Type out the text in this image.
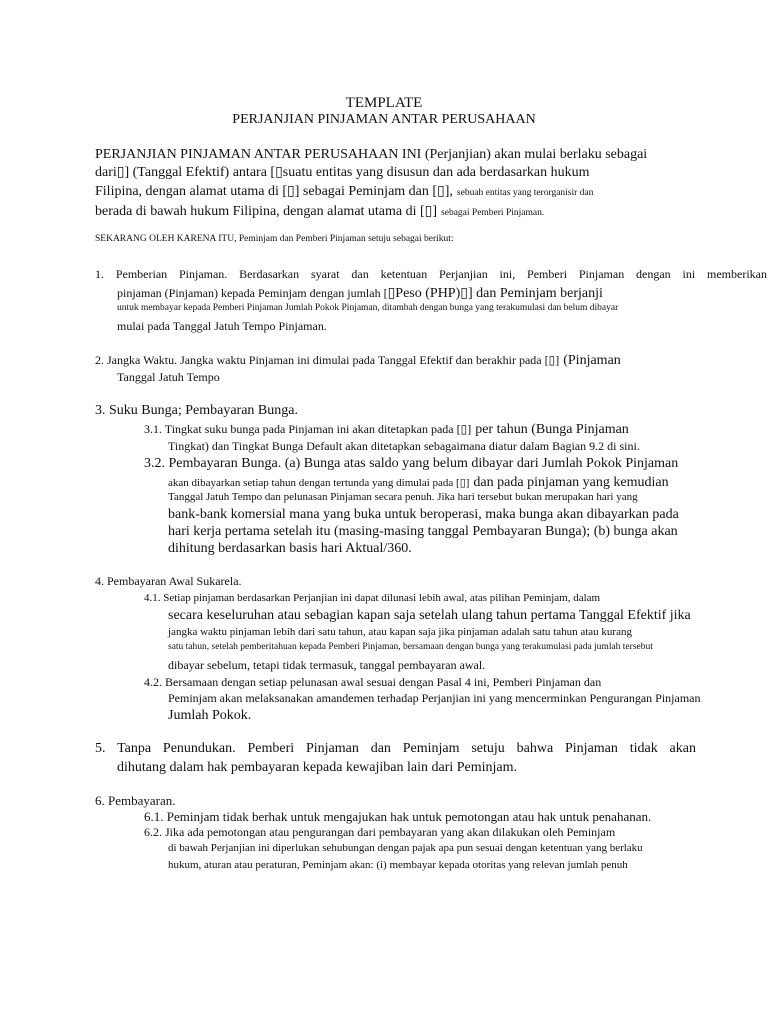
TEMPLATE
PERJANJIAN PINJAMAN ANTAR PERUSAHAAN
PERJANJIAN PINJAMAN ANTAR PERUSAHAAN INI (Perjanjian) akan mulai berlaku sebagai
dari▯] (Tanggal Efektif) antara [▯suatu entitas yang disusun dan ada berdasarkan hukum
Filipina, dengan alamat utama di [▯] sebagai Peminjam dan [▯], sebuah entitas yang terorganisir dan
berada di bawah hukum Filipina, dengan alamat utama di [▯] sebagai Pemberi Pinjaman.
SEKARANG OLEH KARENA ITU, Peminjam dan Pemberi Pinjaman setuju sebagai berikut:
1. Pemberian Pinjaman. Berdasarkan syarat dan ketentuan Perjanjian ini, Pemberi Pinjaman dengan ini memberikan
pinjaman (Pinjaman) kepada Peminjam dengan jumlah [▯Peso (PHP)▯] dan Peminjam berjanji
untuk membayar kepada Pemberi Pinjaman Jumlah Pokok Pinjaman, ditambah dengan bunga yang terakumulasi dan belum dibayar
mulai pada Tanggal Jatuh Tempo Pinjaman.
2. Jangka Waktu. Jangka waktu Pinjaman ini dimulai pada Tanggal Efektif dan berakhir pada [▯] (Pinjaman
Tanggal Jatuh Tempo
3. Suku Bunga; Pembayaran Bunga.
3.1. Tingkat suku bunga pada Pinjaman ini akan ditetapkan pada [▯] per tahun (Bunga Pinjaman
Tingkat) dan Tingkat Bunga Default akan ditetapkan sebagaimana diatur dalam Bagian 9.2 di sini.
3.2. Pembayaran Bunga. (a) Bunga atas saldo yang belum dibayar dari Jumlah Pokok Pinjaman
akan dibayarkan setiap tahun dengan tertunda yang dimulai pada [▯] dan pada pinjaman yang kemudian
Tanggal Jatuh Tempo dan pelunasan Pinjaman secara penuh. Jika hari tersebut bukan merupakan hari yang
bank-bank komersial mana yang buka untuk beroperasi, maka bunga akan dibayarkan pada
hari kerja pertama setelah itu (masing-masing tanggal Pembayaran Bunga); (b) bunga akan
dihitung berdasarkan basis hari Aktual/360.
4. Pembayaran Awal Sukarela.
4.1. Setiap pinjaman berdasarkan Perjanjian ini dapat dilunasi lebih awal, atas pilihan Peminjam, dalam
secara keseluruhan atau sebagian kapan saja setelah ulang tahun pertama Tanggal Efektif jika
jangka waktu pinjaman lebih dari satu tahun, atau kapan saja jika pinjaman adalah satu tahun atau kurang
satu tahun, setelah pemberitahuan kepada Pemberi Pinjaman, bersamaan dengan bunga yang terakumulasi pada jumlah tersebut
dibayar sebelum, tetapi tidak termasuk, tanggal pembayaran awal.
4.2. Bersamaan dengan setiap pelunasan awal sesuai dengan Pasal 4 ini, Pemberi Pinjaman dan
Peminjam akan melaksanakan amandemen terhadap Perjanjian ini yang mencerminkan Pengurangan Pinjaman
Jumlah Pokok.
5. Tanpa Penundukan. Pemberi Pinjaman dan Peminjam setuju bahwa Pinjaman tidak akan
dihutang dalam hak pembayaran kepada kewajiban lain dari Peminjam.
6. Pembayaran.
6.1. Peminjam tidak berhak untuk mengajukan hak untuk pemotongan atau hak untuk penahanan.
6.2. Jika ada pemotongan atau pengurangan dari pembayaran yang akan dilakukan oleh Peminjam
di bawah Perjanjian ini diperlukan sehubungan dengan pajak apa pun sesuai dengan ketentuan yang berlaku
hukum, aturan atau peraturan, Peminjam akan: (i) membayar kepada otoritas yang relevan jumlah penuh
